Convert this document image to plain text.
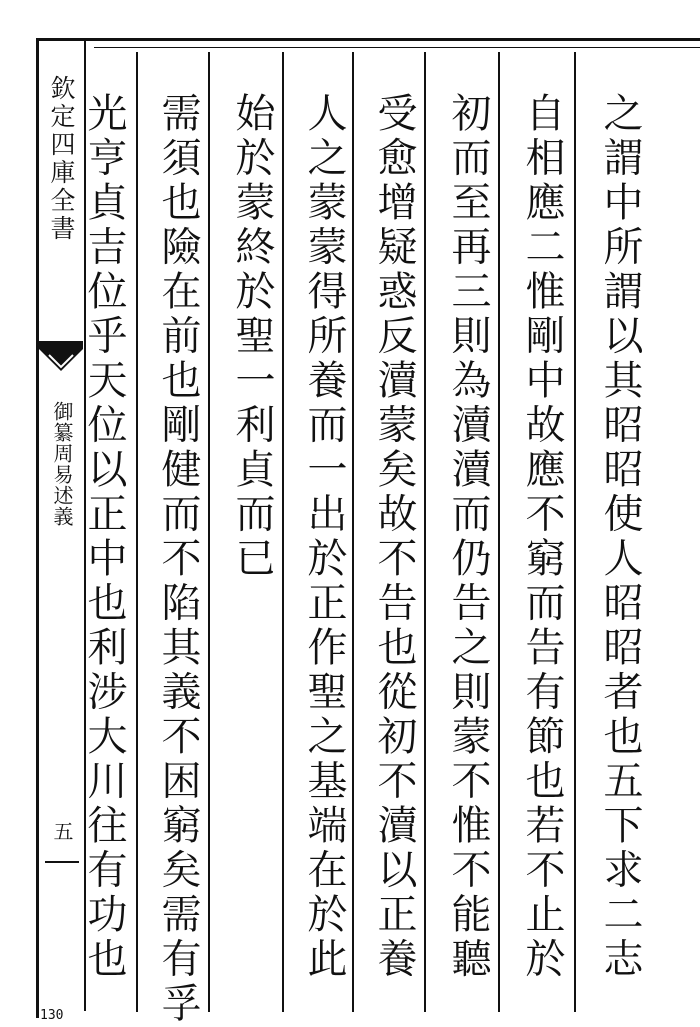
欽定四庫全書
御纂周易述義
五
130
之謂中所謂以其昭昭使人昭昭者也五下求二志
自相應二惟剛中故應不窮而告有節也若不止於
初而至再三則為瀆瀆而仍告之則蒙不惟不能聽
受愈增疑惑反瀆蒙矣故不告也從初不瀆以正養
人之蒙蒙得所養而一出於正作聖之基端在於此
始於蒙終於聖一利貞而已
需須也險在前也剛健而不陷其義不困窮矣需有孚
光亨貞吉位乎天位以正中也利涉大川往有功也
